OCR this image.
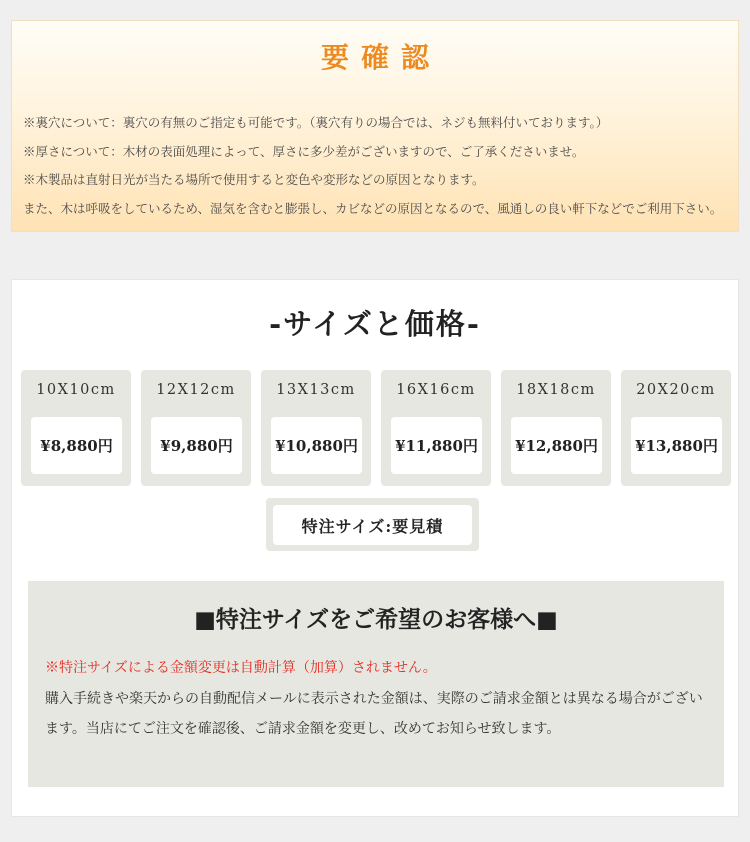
要確認

※裏穴について：裏穴の有無のご指定も可能です。（裏穴有りの場合では、ネジも無料付いております。）

※厚さについて：木材の表面処理によって、厚さに多少差がございますので、ご了承くださいませ。

※木製品は直射日光が当たる場所で使用すると変色や変形などの原因となります。

また、木は呼吸をしているため、湿気を含むと膨張し、カビなどの原因となるので、風通しの良い軒下などでご利用下さい。

-サイズと価格-
10X10cm
¥8,880円
12X12cm
¥9,880円
13X13cm
¥10,880円
16X16cm
¥11,880円
18X18cm
¥12,880円
20X20cm
¥13,880円
特注サイズ:要見積
■特注サイズをご希望のお客様へ■
※特注サイズによる金額変更は自動計算（加算）されません。
購入手続きや楽天からの自動配信メールに表示された金額は、実際のご請求金額とは異なる場合がございます。当店にてご注文を確認後、ご請求金額を変更し、改めてお知らせ致します。
